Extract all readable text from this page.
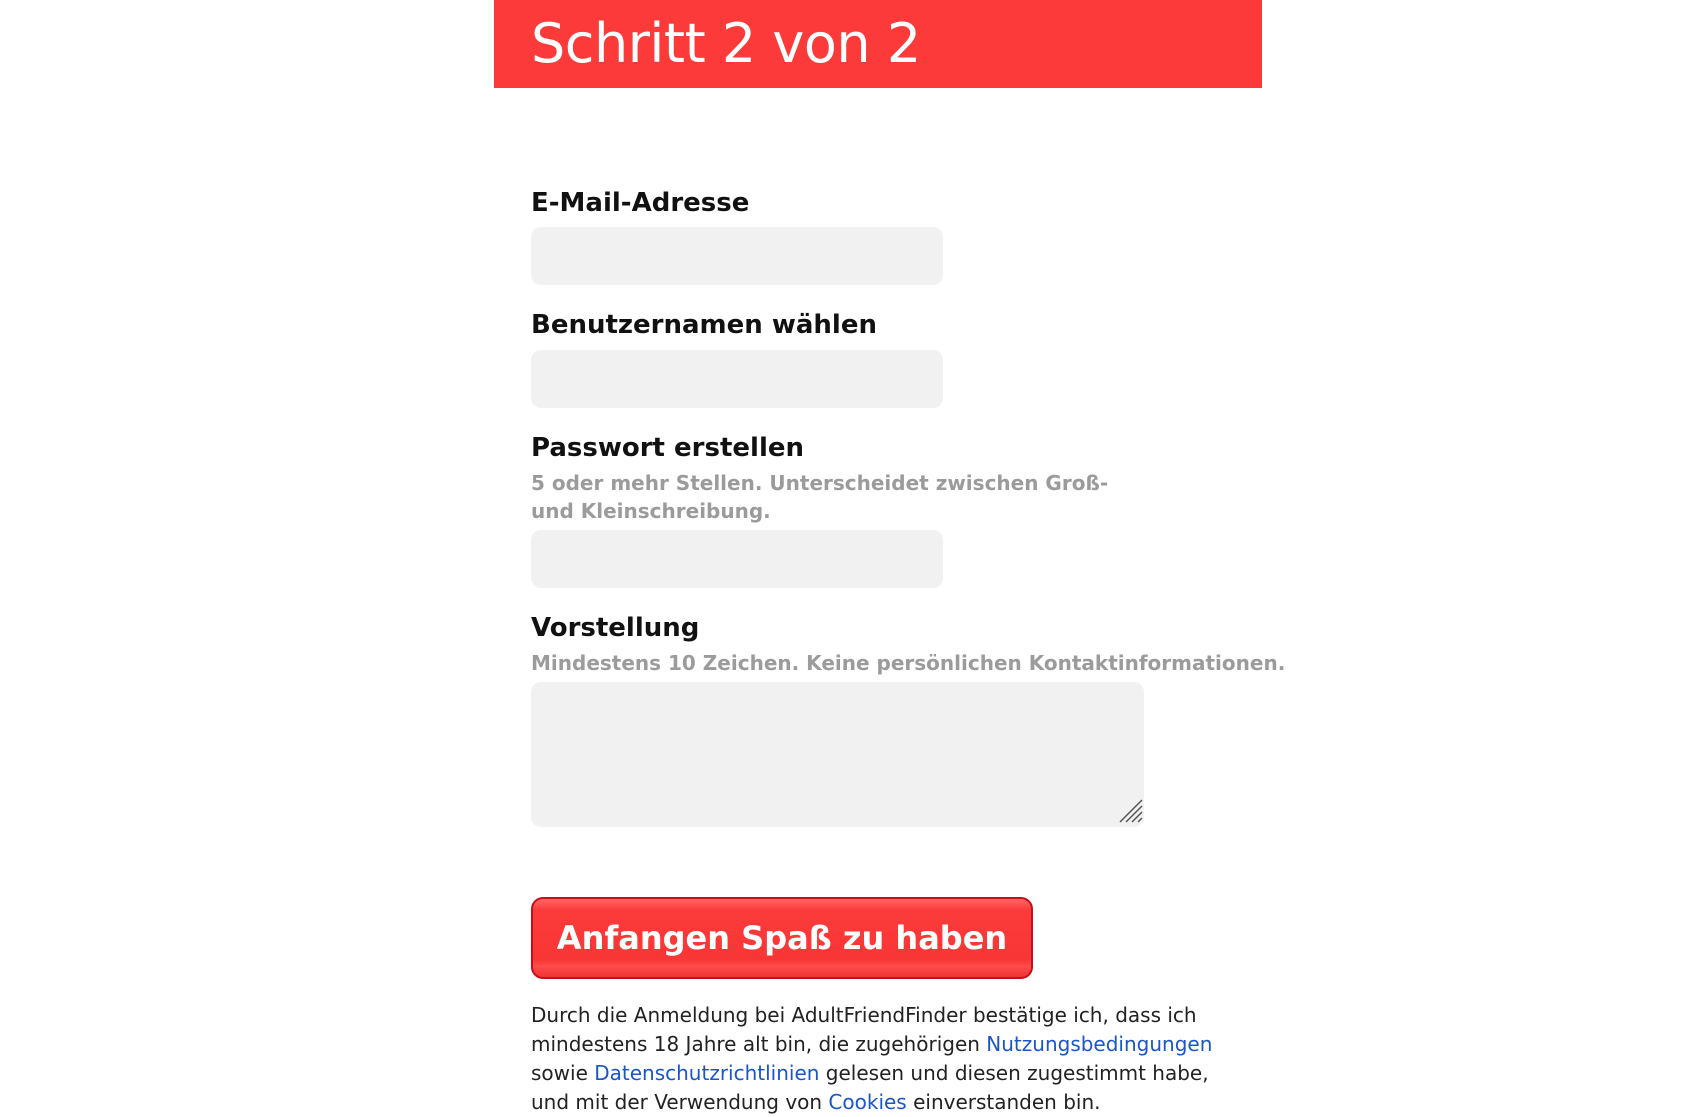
Schritt 2 von 2
E-Mail-Adresse
Benutzernamen wählen
Passwort erstellen
5 oder mehr Stellen. Unterscheidet zwischen Groß- und Kleinschreibung.
Vorstellung
Mindestens 10 Zeichen. Keine persönlichen Kontaktinformationen.
Anfangen Spaß zu haben
Durch die Anmeldung bei AdultFriendFinder bestätige ich, dass ich mindestens 18 Jahre alt bin, die zugehörigen Nutzungsbedingungen sowie Datenschutzrichtlinien gelesen und diesen zugestimmt habe, und mit der Verwendung von Cookies einverstanden bin.
